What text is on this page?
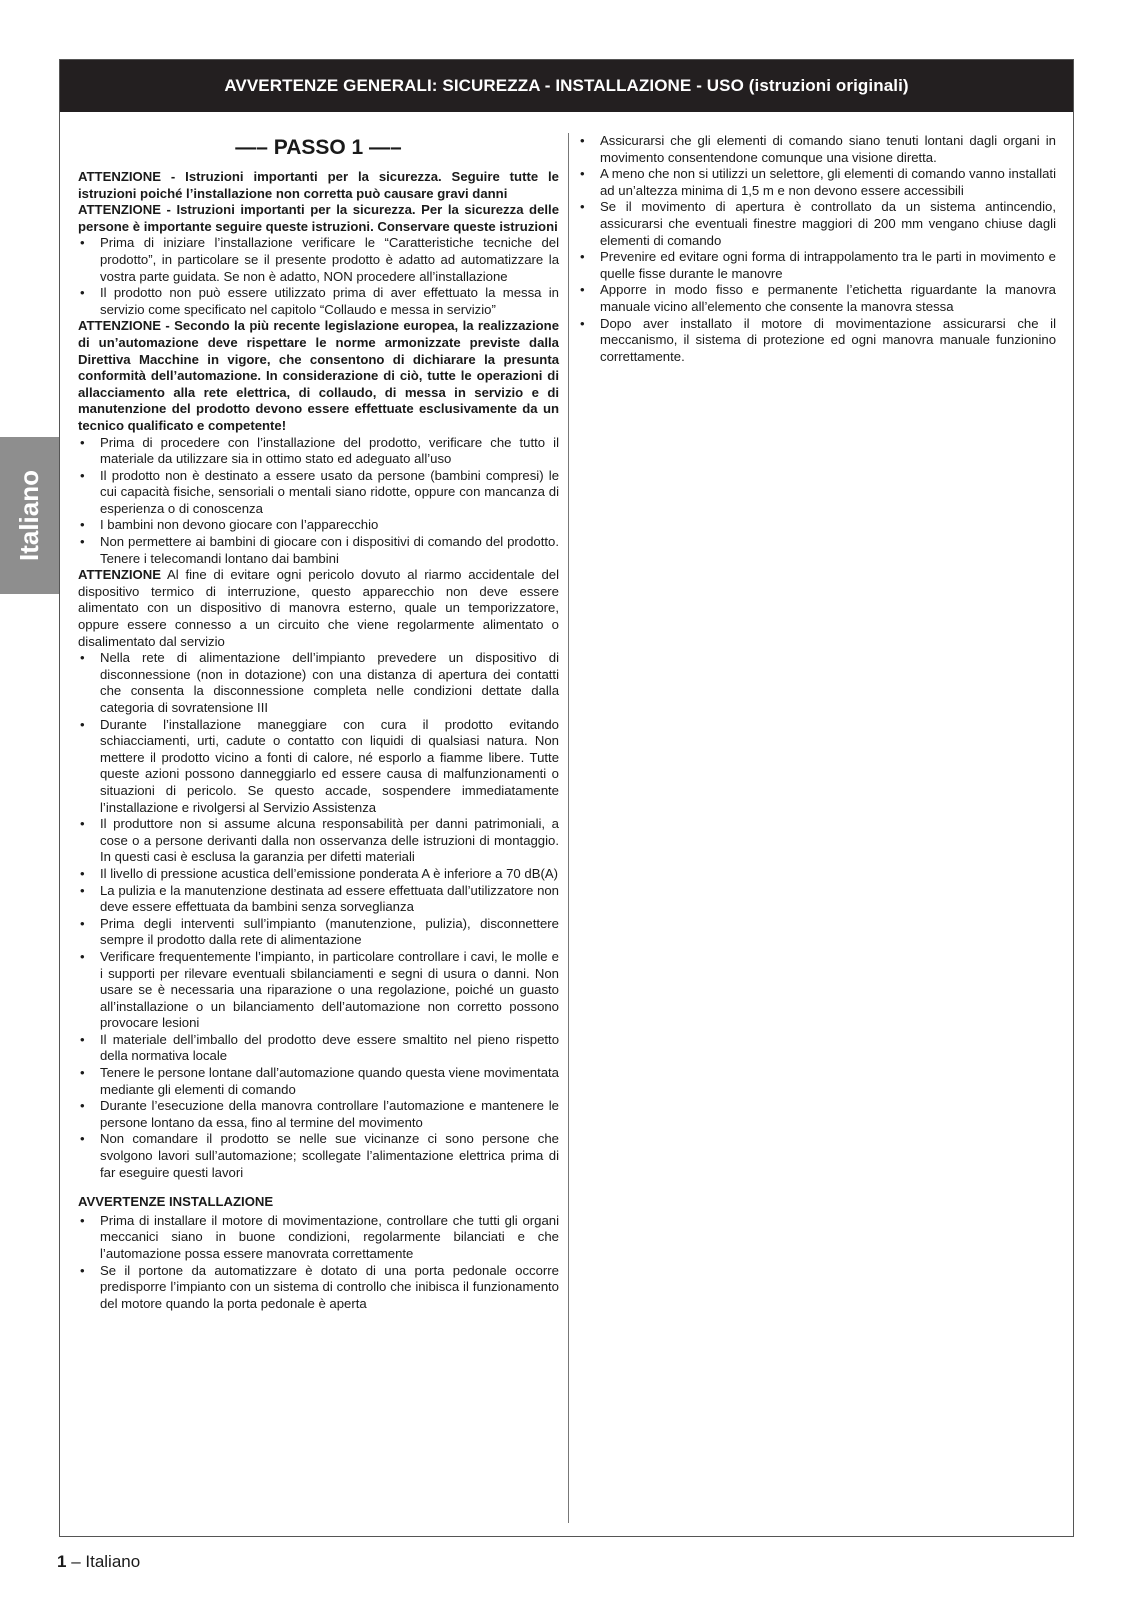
Italiano
AVVERTENZE GENERALI: SICUREZZA - INSTALLAZIONE - USO (istruzioni originali)
—– PASSO 1 —–

ATTENZIONE - Istruzioni importanti per la sicurezza. Seguire tutte le istruzioni poiché l’installazione non corretta può causare gravi danni

ATTENZIONE - Istruzioni importanti per la sicurezza. Per la sicurezza delle persone è importante seguire queste istruzioni. Conservare queste istruzioni

• Prima di iniziare l’installazione verificare le “Caratteristiche tecniche del prodotto”, in particolare se il presente prodotto è adatto ad automatizzare la vostra parte guidata. Se non è adatto, NON procedere all’installazione
• Il prodotto non può essere utilizzato prima di aver effettuato la messa in servizio come specificato nel capitolo “Collaudo e messa in servizio”

ATTENZIONE - Secondo la più recente legislazione europea, la realizzazione di un’automazione deve rispettare le norme armonizzate previste dalla Direttiva Macchine in vigore, che consentono di dichiarare la presunta conformità dell’automazione. In considerazione di ciò, tutte le operazioni di allacciamento alla rete elettrica, di collaudo, di messa in servizio e di manutenzione del prodotto devono essere effettuate esclusivamente da un tecnico qualificato e competente!

• Prima di procedere con l’installazione del prodotto, verificare che tutto il materiale da utilizzare sia in ottimo stato ed adeguato all’uso
• Il prodotto non è destinato a essere usato da persone (bambini compresi) le cui capacità fisiche, sensoriali o mentali siano ridotte, oppure con mancanza di esperienza o di conoscenza
• I bambini non devono giocare con l’apparecchio
• Non permettere ai bambini di giocare con i dispositivi di comando del prodotto. Tenere i telecomandi lontano dai bambini

ATTENZIONE Al fine di evitare ogni pericolo dovuto al riarmo accidentale del dispositivo termico di interruzione, questo apparecchio non deve essere alimentato con un dispositivo di manovra esterno, quale un temporizzatore, oppure essere connesso a un circuito che viene regolarmente alimentato o disalimentato dal servizio

• Nella rete di alimentazione dell’impianto prevedere un dispositivo di disconnessione (non in dotazione) con una distanza di apertura dei contatti che consenta la disconnessione completa nelle condizioni dettate dalla categoria di sovratensione III
• Durante l’installazione maneggiare con cura il prodotto evitando schiacciamenti, urti, cadute o contatto con liquidi di qualsiasi natura. Non mettere il prodotto vicino a fonti di calore, né esporlo a fiamme libere. Tutte queste azioni possono danneggiarlo ed essere causa di malfunzionamenti o situazioni di pericolo. Se questo accade, sospendere immediatamente l’installazione e rivolgersi al Servizio Assistenza
• Il produttore non si assume alcuna responsabilità per danni patrimoniali, a cose o a persone derivanti dalla non osservanza delle istruzioni di montaggio. In questi casi è esclusa la garanzia per difetti materiali
• Il livello di pressione acustica dell’emissione ponderata A è inferiore a 70 dB(A)
• La pulizia e la manutenzione destinata ad essere effettuata dall’utilizzatore non deve essere effettuata da bambini senza sorveglianza
• Prima degli interventi sull’impianto (manutenzione, pulizia), disconnettere sempre il prodotto dalla rete di alimentazione
• Verificare frequentemente l’impianto, in particolare controllare i cavi, le molle e i supporti per rilevare eventuali sbilanciamenti e segni di usura o danni. Non usare se è necessaria una riparazione o una regolazione, poiché un guasto all’installazione o un bilanciamento dell’automazione non corretto possono provocare lesioni
• Il materiale dell’imballo del prodotto deve essere smaltito nel pieno rispetto della normativa locale
• Tenere le persone lontane dall’automazione quando questa viene movimentata mediante gli elementi di comando
• Durante l’esecuzione della manovra controllare l’automazione e mantenere le persone lontano da essa, fino al termine del movimento
• Non comandare il prodotto se nelle sue vicinanze ci sono persone che svolgono lavori sull’automazione; scollegate l’alimentazione elettrica prima di far eseguire questi lavori
AVVERTENZE INSTALLAZIONE
• Prima di installare il motore di movimentazione, controllare che tutti gli organi meccanici siano in buone condizioni, regolarmente bilanciati e che l’automazione possa essere manovrata correttamente
• Se il portone da automatizzare è dotato di una porta pedonale occorre predisporre l’impianto con un sistema di controllo che inibisca il funzionamento del motore quando la porta pedonale è aperta
• Assicurarsi che gli elementi di comando siano tenuti lontani dagli organi in movimento consentendone comunque una visione diretta.
• A meno che non si utilizzi un selettore, gli elementi di comando vanno installati ad un’altezza minima di 1,5 m e non devono essere accessibili
• Se il movimento di apertura è controllato da un sistema antincendio, assicurarsi che eventuali finestre maggiori di 200 mm vengano chiuse dagli elementi di comando
• Prevenire ed evitare ogni forma di intrappolamento tra le parti in movimento e quelle fisse durante le manovre
• Apporre in modo fisso e permanente l’etichetta riguardante la manovra manuale vicino all’elemento che consente la manovra stessa
• Dopo aver installato il motore di movimentazione assicurarsi che il meccanismo, il sistema di protezione ed ogni manovra manuale funzionino correttamente.
1 – Italiano
